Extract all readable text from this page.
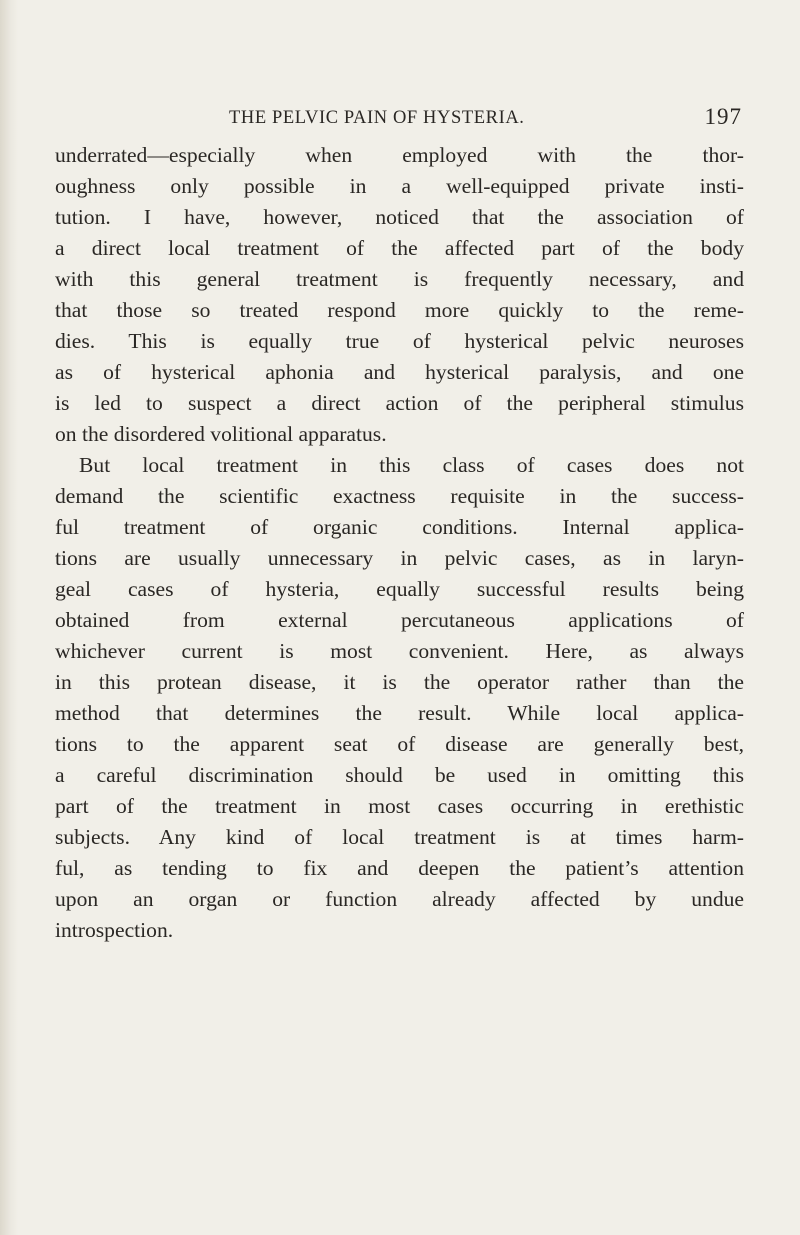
THE PELVIC PAIN OF HYSTERIA.	197
underrated—especially when employed with the thor-
oughness only possible in a well-equipped private insti-
tution. I have, however, noticed that the association of
a direct local treatment of the affected part of the body
with this general treatment is frequently necessary, and
that those so treated respond more quickly to the reme-
dies. This is equally true of hysterical pelvic neuroses
as of hysterical aphonia and hysterical paralysis, and one
is led to suspect a direct action of the peripheral stimulus
on the disordered volitional apparatus.
But local treatment in this class of cases does not
demand the scientific exactness requisite in the success-
ful treatment of organic conditions. Internal applica-
tions are usually unnecessary in pelvic cases, as in laryn-
geal cases of hysteria, equally successful results being
obtained from external percutaneous applications of
whichever current is most convenient. Here, as always
in this protean disease, it is the operator rather than the
method that determines the result. While local applica-
tions to the apparent seat of disease are generally best,
a careful discrimination should be used in omitting this
part of the treatment in most cases occurring in erethistic
subjects. Any kind of local treatment is at times harm-
ful, as tending to fix and deepen the patient’s attention
upon an organ or function already affected by undue
introspection.
